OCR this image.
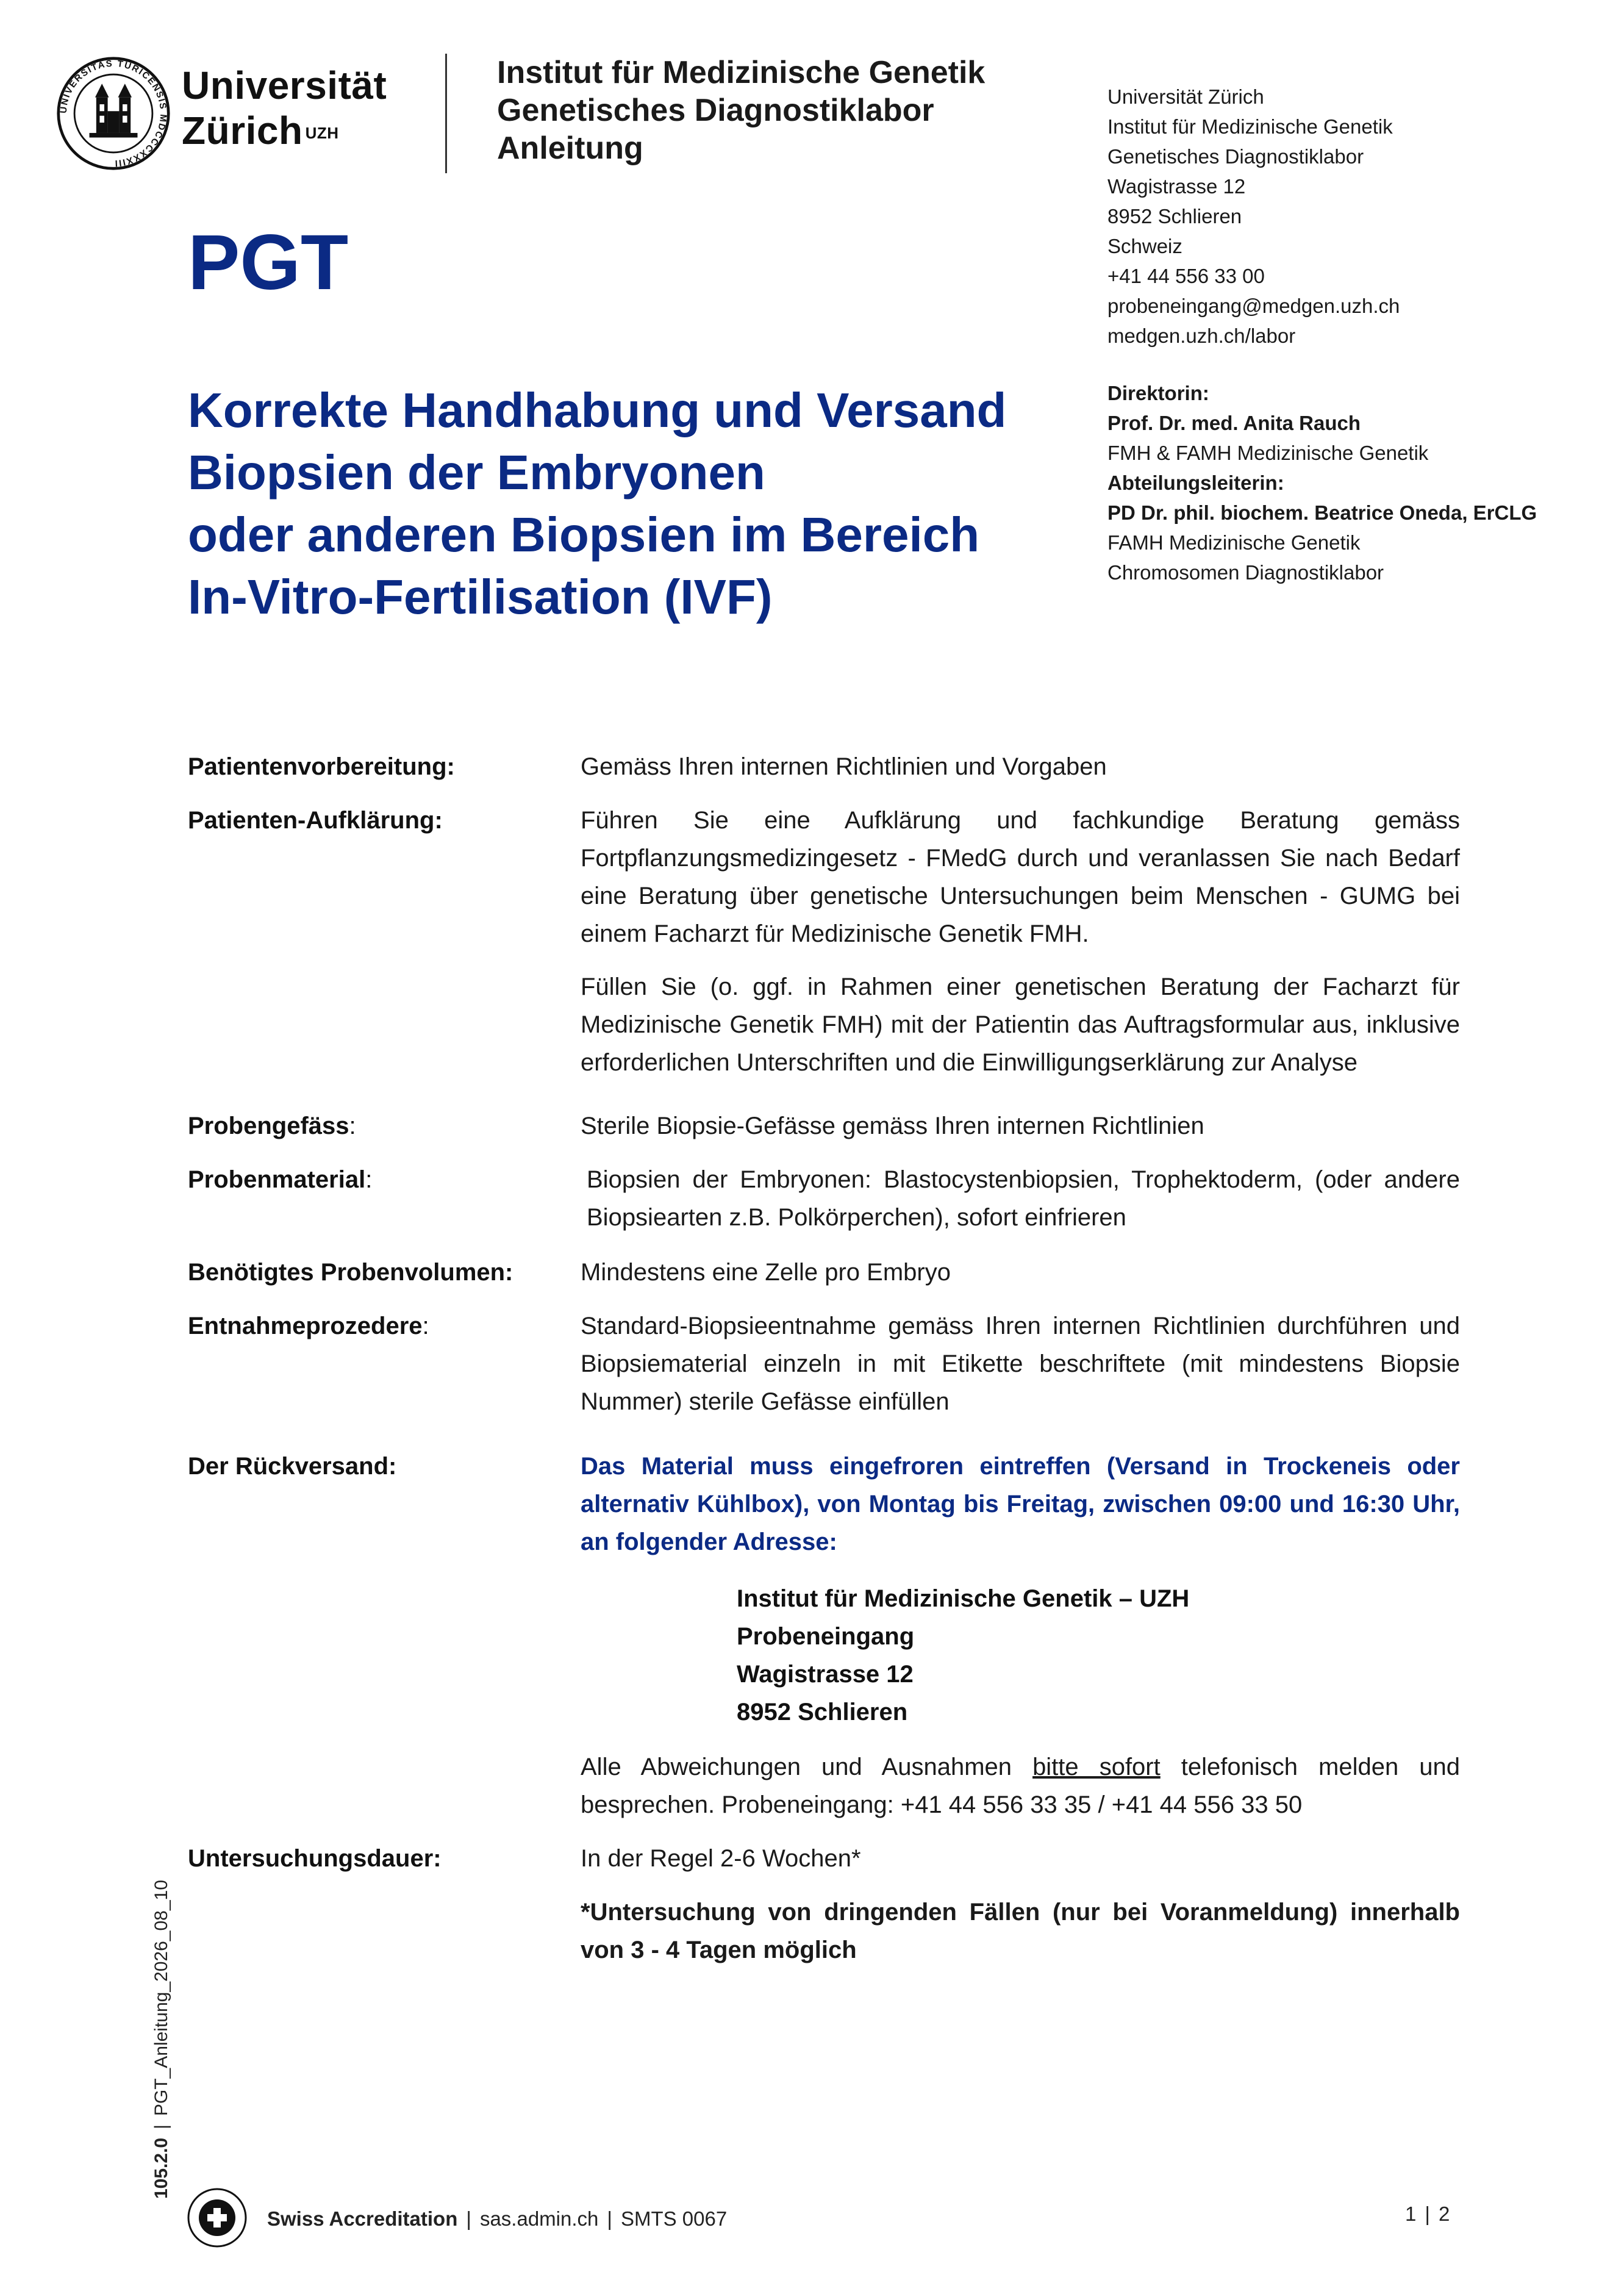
UNIVERSITAS TURICENSIS MDCCCXXXIII
Universität
Zürich $^{UZH}$
Institut für Medizinische Genetik
Genetisches Diagnostiklabor
Anleitung
Universität Zürich
Institut für Medizinische Genetik
Genetisches Diagnostiklabor
Wagistrasse 12
8952 Schlieren
Schweiz
+41 44 556 33 00
probeneingang@medgen.uzh.ch
medgen.uzh.ch/labor
Direktorin:
Prof. Dr. med. Anita Rauch
FMH & FAMH Medizinische Genetik
Abteilungsleiterin:
PD Dr. phil. biochem. Beatrice Oneda, ErCLG
FAMH Medizinische Genetik
Chromosomen Diagnostiklabor
PGT
Korrekte Handhabung und Versand
Biopsien der Embryonen
oder anderen Biopsien im Bereich
In-Vitro-Fertilisation (IVF)
Patientenvorbereitung:	Gemäss Ihren internen Richtlinien und Vorgaben
Patienten-Aufklärung:	Führen Sie eine Aufklärung und fachkundige Beratung gemäss Fortpflanzungsmedizingesetz - FMedG durch und veranlassen Sie nach Bedarf eine Beratung über genetische Untersuchungen beim Menschen - GUMG bei einem Facharzt für Medizinische Genetik FMH.

Füllen Sie (o. ggf. in Rahmen einer genetischen Beratung der Facharzt für Medizinische Genetik FMH) mit der Patientin das Auftragsformular aus, inklusive erforderlichen Unterschriften und die Einwilligungserklärung zur Analyse

Probengefäss:	Sterile Biopsie-Gefässe gemäss Ihren internen Richtlinien
Probenmaterial:	Biopsien der Embryonen: Blastocystenbiopsien, Trophektoderm, (oder andere Biopsiearten z.B. Polkörperchen), sofort einfrieren
Benötigtes Probenvolumen:	Mindestens eine Zelle pro Embryo
Entnahmeprozedere:	Standard-Biopsieentnahme gemäss Ihren internen Richtlinien durchführen und Biopsiematerial einzeln in mit Etikette beschriftete (mit mindestens Biopsie Nummer) sterile Gefässe einfüllen
Der Rückversand:	Das Material muss eingefroren eintreffen (Versand in Trockeneis oder alternativ Kühlbox), von Montag bis Freitag, zwischen 09:00 und 16:30 Uhr, an folgender Adresse:
Institut für Medizinische Genetik – UZH
Probeneingang
Wagistrasse 12
8952 Schlieren
Alle Abweichungen und Ausnahmen bitte sofort telefonisch melden und besprechen. Probeneingang: +41 44 556 33 35 / +41 44 556 33 50
Untersuchungsdauer:	In der Regel 2-6 Wochen*
*Untersuchung von dringenden Fällen (nur bei Voranmeldung) innerhalb von 3 - 4 Tagen möglich
105.2.0|PGT_Anleitung_2026_08_10
Swiss Accreditation | sas.admin.ch | SMTS 0067	1 | 2
